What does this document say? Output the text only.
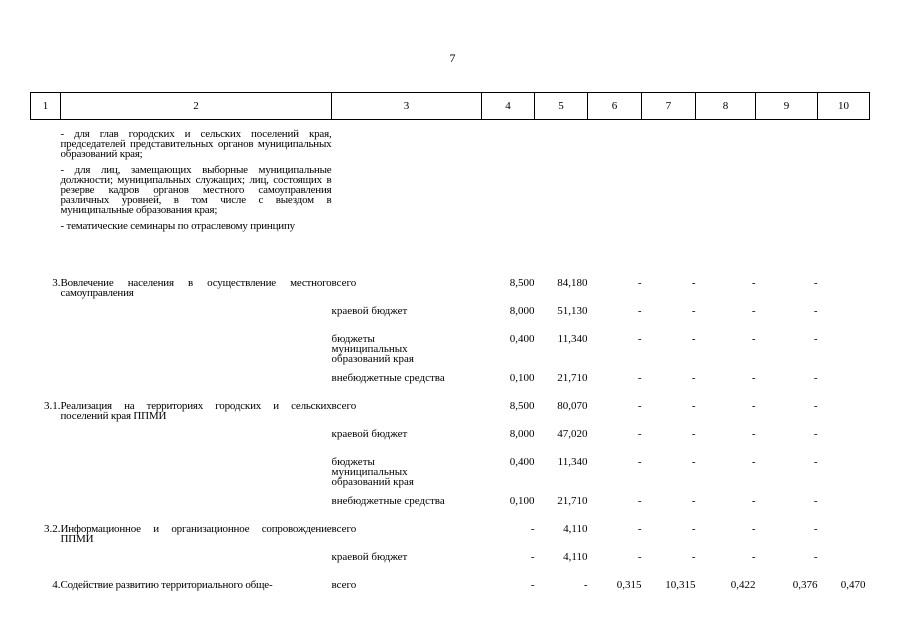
7
1	2	3	4	5	6	7	8	9	10

	- для глав городских и сельских поселений края, председателей представительных органов муниципальных образований края;

- для лиц, замещающих выборные муниципальные должности; муниципальных служащих; лиц, состоящих в резерве кадров органов местного самоуправления различных уровней, в том числе с выездом в муниципальные образования края;

- тематические семинары по отраслевому принципу								

3.	Вовлечение населения в осуществление местного самоуправления	всего	8,500	84,180	-	-	-	-	
		краевой бюджет	8,000	51,130	-	-	-	-	
		бюджеты муниципальных образований края	0,400	11,340	-	-	-	-	
		внебюджетные средства	0,100	21,710	-	-	-	-	
3.1.	Реализация на территориях городских и сельских поселений края ППМИ	всего	8,500	80,070	-	-	-	-	
		краевой бюджет	8,000	47,020	-	-	-	-	
		бюджеты муниципальных образований края	0,400	11,340	-	-	-	-	
		внебюджетные средства	0,100	21,710	-	-	-	-	
3.2.	Информационное и организационное сопровождение ППМИ	всего	-	4,110	-	-	-	-	
		краевой бюджет	-	4,110	-	-	-	-	
4.	Содействие развитию территориального обще-	всего	-	-	0,315	10,315	0,422	0,376	0,470
